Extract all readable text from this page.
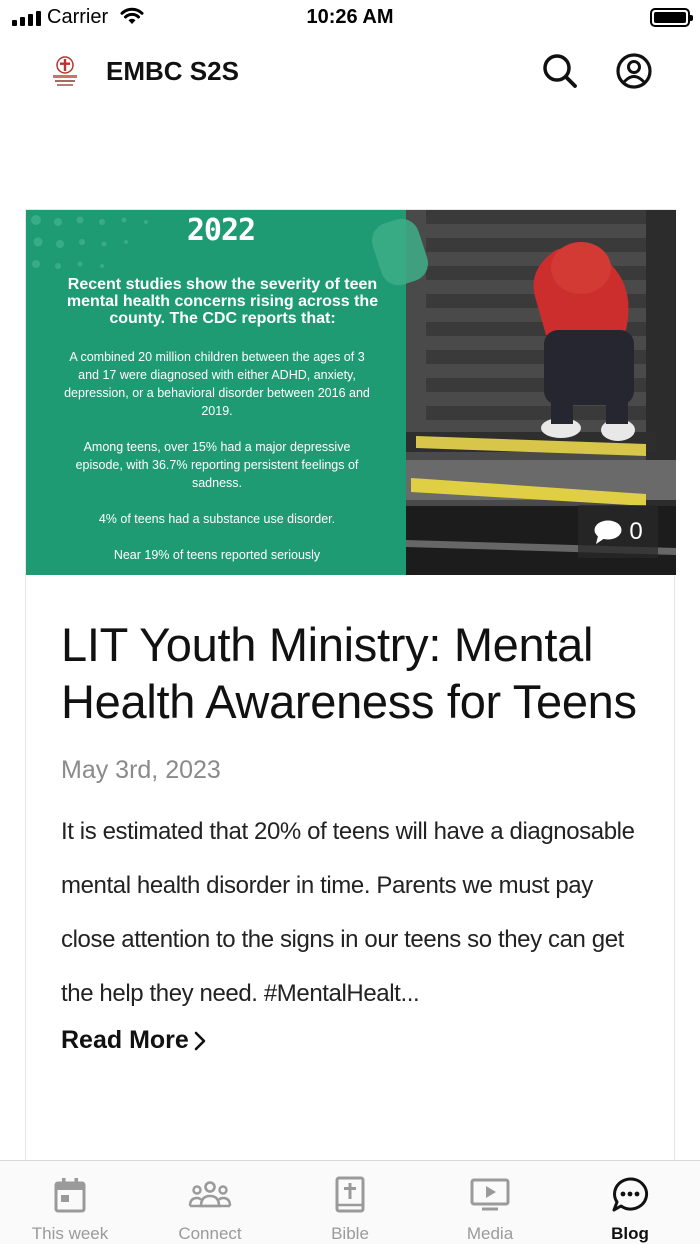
Carrier	10:26 AM
EMBC S2S
2022
Recent studies show the severity of teen mental health concerns rising across the county. The CDC reports that:

A combined 20 million children between the ages of 3 and 17 were diagnosed with either ADHD, anxiety, depression, or a behavioral disorder between 2016 and 2019.

Among teens, over 15% had a major depressive episode, with 36.7% reporting persistent feelings of sadness.

4% of teens had a substance use disorder.

Near 19% of teens reported seriously

0
LIT Youth Ministry: Mental Health Awareness for Teens
May 3rd, 2023

It is estimated that 20% of teens will have a diagnosable mental health disorder in time. Parents we must pay close attention to the signs in our teens so they can get the help they need. #MentalHealt...

Read More
This week	Connect	Bible	Media	Blog
